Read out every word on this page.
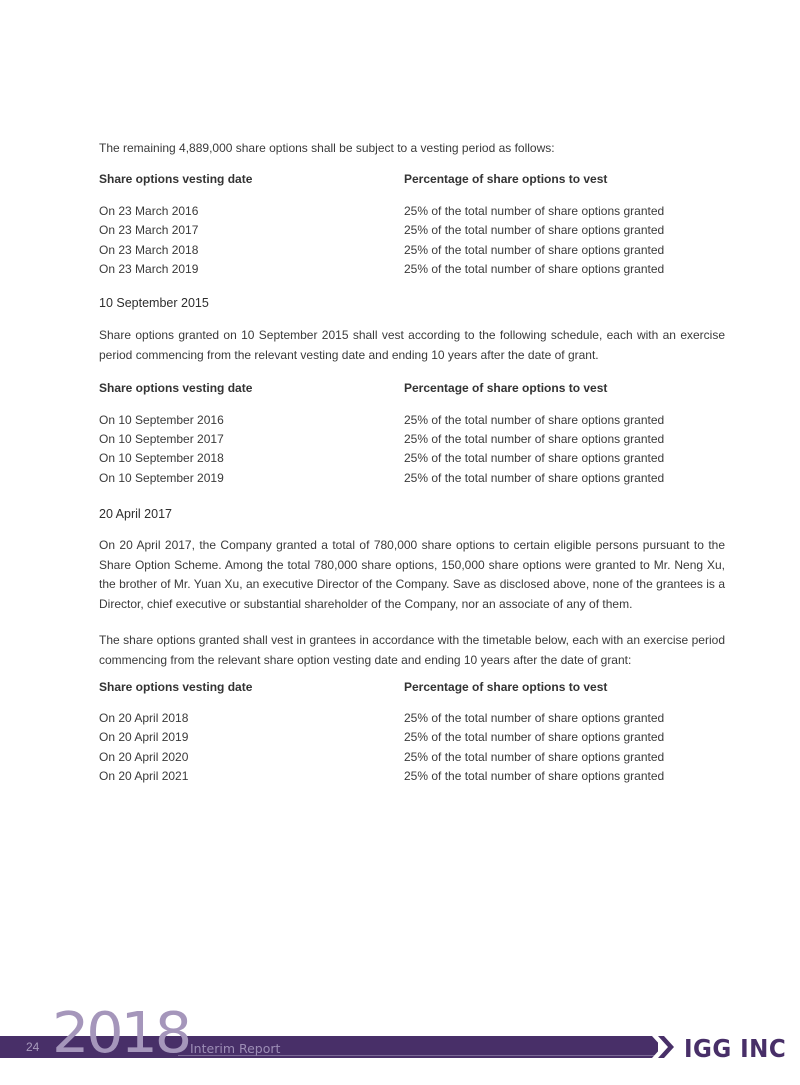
The remaining 4,889,000 share options shall be subject to a vesting period as follows:
Share options vesting date	Percentage of share options to vest
On 23 March 2016	25% of the total number of share options granted
On 23 March 2017	25% of the total number of share options granted
On 23 March 2018	25% of the total number of share options granted
On 23 March 2019	25% of the total number of share options granted
10 September 2015
Share options granted on 10 September 2015 shall vest according to the following schedule, each with an exercise period commencing from the relevant vesting date and ending 10 years after the date of grant.
Share options vesting date	Percentage of share options to vest
On 10 September 2016	25% of the total number of share options granted
On 10 September 2017	25% of the total number of share options granted
On 10 September 2018	25% of the total number of share options granted
On 10 September 2019	25% of the total number of share options granted
20 April 2017
On 20 April 2017, the Company granted a total of 780,000 share options to certain eligible persons pursuant to the Share Option Scheme. Among the total 780,000 share options, 150,000 share options were granted to Mr. Neng Xu, the brother of Mr. Yuan Xu, an executive Director of the Company. Save as disclosed above, none of the grantees is a Director, chief executive or substantial shareholder of the Company, nor an associate of any of them.
The share options granted shall vest in grantees in accordance with the timetable below, each with an exercise period commencing from the relevant share option vesting date and ending 10 years after the date of grant:
Share options vesting date	Percentage of share options to vest
On 20 April 2018	25% of the total number of share options granted
On 20 April 2019	25% of the total number of share options granted
On 20 April 2020	25% of the total number of share options granted
On 20 April 2021	25% of the total number of share options granted
24 2018 Interim Report	IGG INC
